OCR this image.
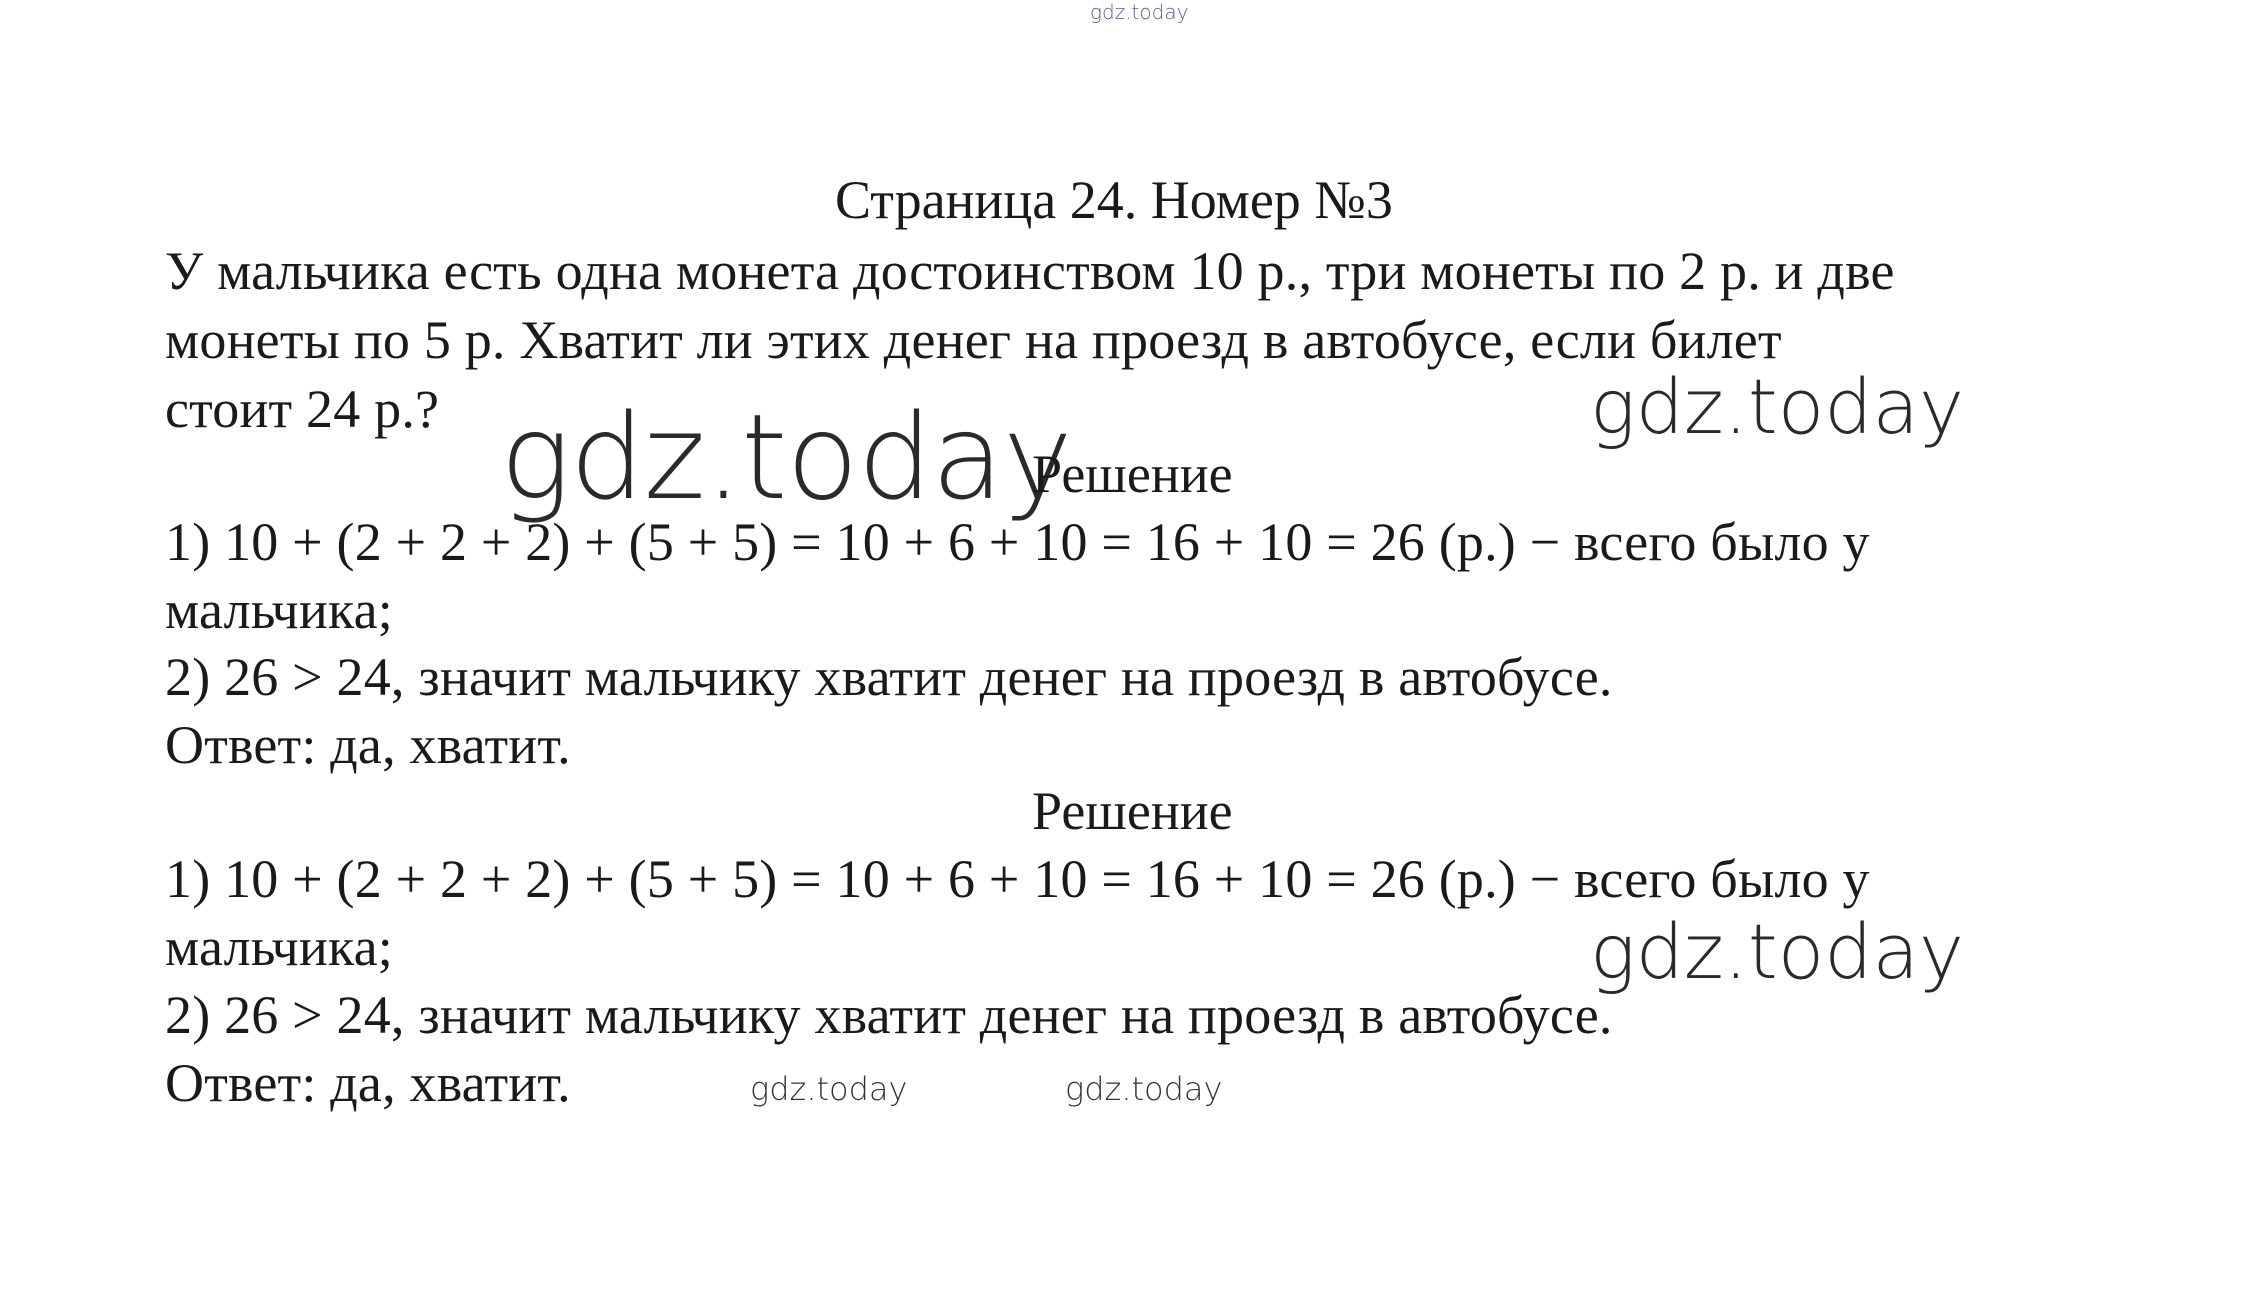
gdz.today
Страница 24. Номер №3
У мальчика есть одна монета достоинством 10 р., три монеты по 2 р. и две
монеты по 5 р. Хватит ли этих денег на проезд в автобусе, если билет
стоит 24 р.?	gdz.today
gdz.today
Решение
1) 10 + (2 + 2 + 2) + (5 + 5) = 10 + 6 + 10 = 16 + 10 = 26 (р.) − всего было у
мальчика;
2) 26 > 24, значит мальчику хватит денег на проезд в автобусе.
Ответ: да, хватит.
Решение
1) 10 + (2 + 2 + 2) + (5 + 5) = 10 + 6 + 10 = 16 + 10 = 26 (р.) − всего было у
мальчика;
2) 26 > 24, значит мальчику хватит денег на проезд в автобусе.
Ответ: да, хватит.
gdz.today
gdz.today	gdz.today
